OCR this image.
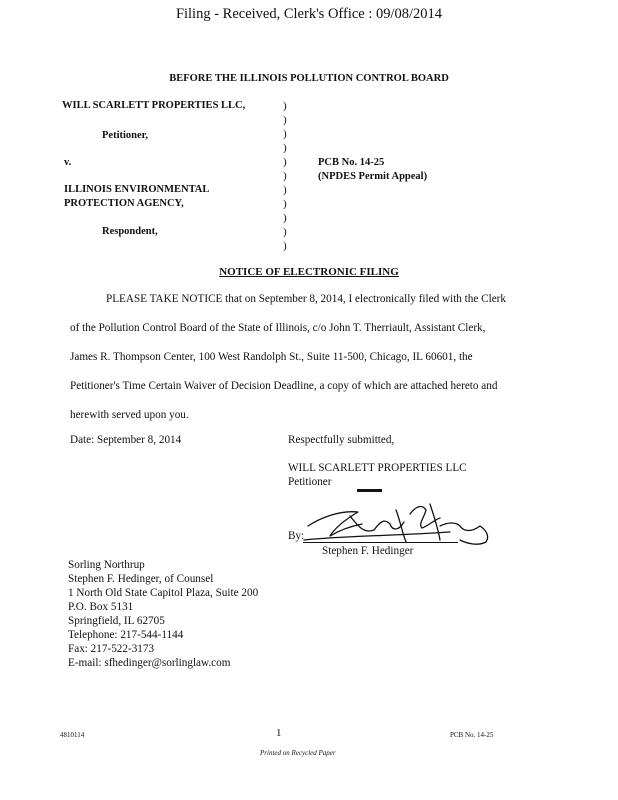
Filing - Received, Clerk's Office : 09/08/2014
BEFORE THE ILLINOIS POLLUTION CONTROL BOARD
WILL SCARLETT PROPERTIES LLC,
Petitioner,
v.
ILLINOIS ENVIRONMENTAL
PROTECTION AGENCY,
Respondent,
)
)
)
)
)
)
)
)
)
)
)
PCB No. 14-25
(NPDES Permit Appeal)
NOTICE OF ELECTRONIC FILING
PLEASE TAKE NOTICE that on September 8, 2014, I electronically filed with the Clerk
of the Pollution Control Board of the State of Illinois, c/o John T. Therriault, Assistant Clerk,
James R. Thompson Center, 100 West Randolph St., Suite 11-500, Chicago, IL 60601, the
Petitioner's Time Certain Waiver of Decision Deadline, a copy of which are attached hereto and
herewith served upon you.
Date: September 8, 2014	Respectfully submitted,
WILL SCARLETT PROPERTIES LLC
Petitioner
By:
Stephen F. Hedinger
Sorling Northrup
Stephen F. Hedinger, of Counsel
1 North Old State Capitol Plaza, Suite 200
P.O. Box 5131
Springfield, IL 62705
Telephone: 217-544-1144
Fax: 217-522-3173
E-mail: sfhedinger@sorlinglaw.com
4810114	1	PCB No. 14-25
Printed on Recycled Paper
